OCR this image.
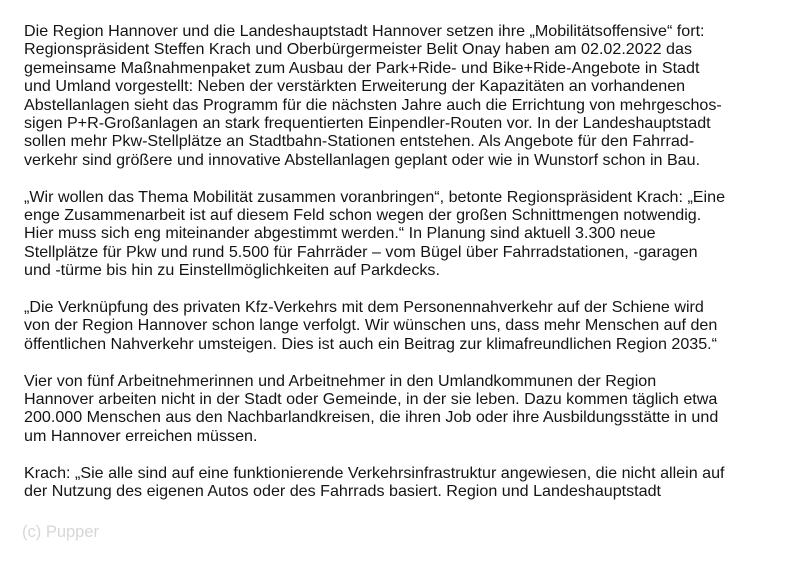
Die Region Hannover und die Landeshauptstadt Hannover setzen ihre „Mobilitätsoffensive“ fort:
Regionspräsident Steffen Krach und Oberbürgermeister Belit Onay haben am 02.02.2022 das
gemeinsame Maßnahmenpaket zum Ausbau der Park+Ride- und Bike+Ride-Angebote in Stadt
und Umland vorgestellt: Neben der verstärkten Erweiterung der Kapazitäten an vorhandenen
Abstellanlagen sieht das Programm für die nächsten Jahre auch die Errichtung von mehrgeschos-
sigen P+R-Großanlagen an stark frequentierten Einpendler-Routen vor. In der Landeshauptstadt
sollen mehr Pkw-Stellplätze an Stadtbahn-Stationen entstehen. Als Angebote für den Fahrrad-
verkehr sind größere und innovative Abstellanlagen geplant oder wie in Wunstorf schon in Bau.

„Wir wollen das Thema Mobilität zusammen voranbringen“, betonte Regionspräsident Krach: „Eine
enge Zusammenarbeit ist auf diesem Feld schon wegen der großen Schnittmengen notwendig.
Hier muss sich eng miteinander abgestimmt werden.“ In Planung sind aktuell 3.300 neue
Stellplätze für Pkw und rund 5.500 für Fahrräder – vom Bügel über Fahrradstationen, -garagen
und -türme bis hin zu Einstellmöglichkeiten auf Parkdecks.

„Die Verknüpfung des privaten Kfz-Verkehrs mit dem Personennahverkehr auf der Schiene wird
von der Region Hannover schon lange verfolgt. Wir wünschen uns, dass mehr Menschen auf den
öffentlichen Nahverkehr umsteigen. Dies ist auch ein Beitrag zur klimafreundlichen Region 2035.“

Vier von fünf Arbeitnehmerinnen und Arbeitnehmer in den Umlandkommunen der Region
Hannover arbeiten nicht in der Stadt oder Gemeinde, in der sie leben. Dazu kommen täglich etwa
200.000 Menschen aus den Nachbarlandkreisen, die ihren Job oder ihre Ausbildungsstätte in und
um Hannover erreichen müssen.

Krach: „Sie alle sind auf eine funktionierende Verkehrsinfrastruktur angewiesen, die nicht allein auf
der Nutzung des eigenen Autos oder des Fahrrads basiert. Region und Landeshauptstadt

(c) Pupper
